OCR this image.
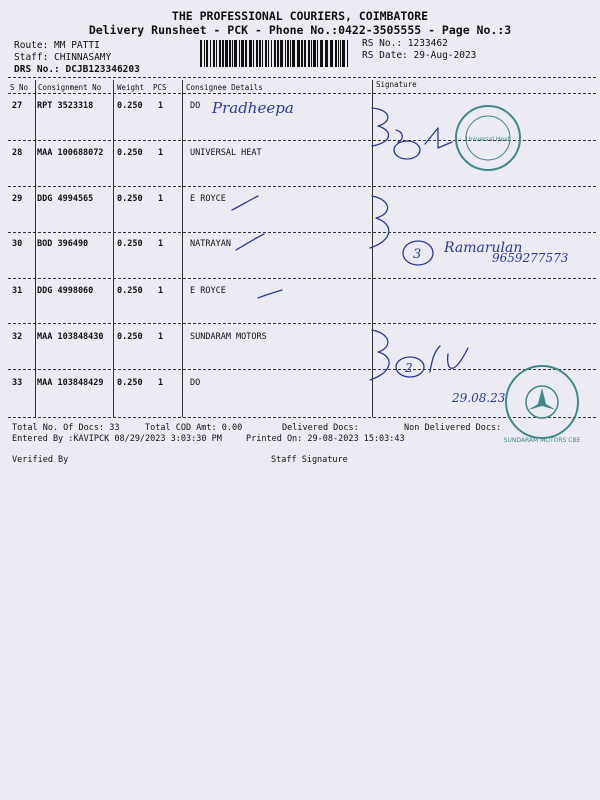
THE PROFESSIONAL COURIERS, COIMBATORE
Delivery Runsheet - PCK - Phone No.:0422-3505555 - Page No.:3
Route: MM PATTI
Staff: CHINNASAMY
DRS No.: DCJB123346203
RS No.: 1233462
RS Date: 29-Aug-2023
S No Consignment No Weight PCS	Consignee Details	Signature
27 RPT 3523318	0.250 1	DO
28 MAA 100688072 0.250 1	UNIVERSAL HEAT
29 DDG 4994565	0.250 1	E ROYCE
30 BOD 396490	0.250 1	NATRAYAN
31 DDG 4998060	0.250 1	E ROYCE
32 MAA 103848430 0.250 1	SUNDARAM MOTORS
33 MAA 103848429 0.250 1	DO
Pradheepa
3 Ramarulan
9659277573
2
29.08.23
Universal Heat
SUNDARAM MOTORS CBE
Total No. Of Docs: 33	Total COD Amt: 0.00	Delivered Docs:	Non Delivered Docs:
Entered By :KAVIPCK 08/29/2023 3:03:30 PM	Printed On: 29-08-2023 15:03:43
Verified By	Staff Signature
